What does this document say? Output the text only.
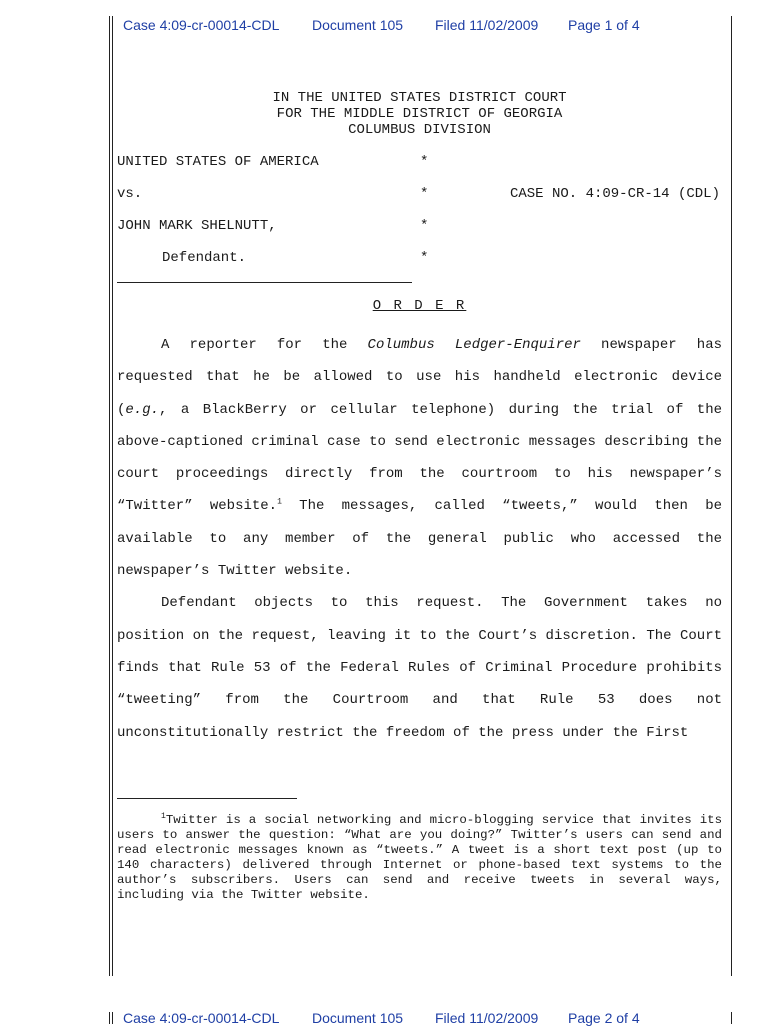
Case 4:09-cr-00014-CDL Document 105 Filed 11/02/2009 Page 1 of 4
IN THE UNITED STATES DISTRICT COURT
FOR THE MIDDLE DISTRICT OF GEORGIA
COLUMBUS DIVISION
UNITED STATES OF AMERICA	*
vs.	*	CASE NO. 4:09-CR-14 (CDL)
JOHN MARK SHELNUTT,	*
Defendant.	*
O R D E R

A reporter for the Columbus Ledger-Enquirer newspaper has requested that he be allowed to use his handheld electronic device (e.g., a BlackBerry or cellular telephone) during the trial of the above-captioned criminal case to send electronic messages describing the court proceedings directly from the courtroom to his newspaper’s “Twitter” website.$^1$ The messages, called “tweets,” would then be available to any member of the general public who accessed the newspaper’s Twitter website.

Defendant objects to this request. The Government takes no position on the request, leaving it to the Court’s discretion. The Court finds that Rule 53 of the Federal Rules of Criminal Procedure prohibits “tweeting” from the Courtroom and that Rule 53 does not unconstitutionally restrict the freedom of the press under the First

$^1$Twitter is a social networking and micro-blogging service that invites its users to answer the question: “What are you doing?” Twitter’s users can send and read electronic messages known as “tweets.” A tweet is a short text post (up to 140 characters) delivered through Internet or phone-based text systems to the author’s subscribers. Users can send and receive tweets in several ways, including via the Twitter website.

Case 4:09-cr-00014-CDL Document 105 Filed 11/02/2009 Page 2 of 4
